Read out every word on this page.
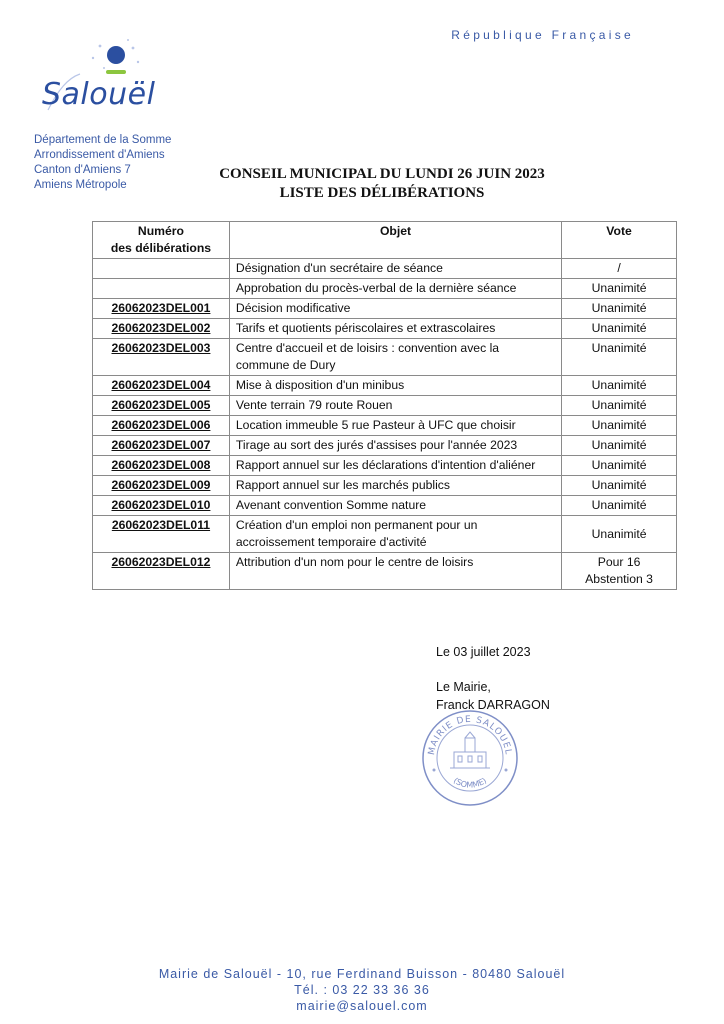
République Française
Salouël
Département de la Somme
Arrondissement d'Amiens
Canton d'Amiens 7
Amiens Métropole
CONSEIL MUNICIPAL DU LUNDI 26 JUIN 2023
LISTE DES DÉLIBÉRATIONS
Numéro
des délibérations	Objet	Vote
	Désignation d'un secrétaire de séance	/
	Approbation du procès-verbal de la dernière séance	Unanimité
26062023DEL001	Décision modificative	Unanimité
26062023DEL002	Tarifs et quotients périscolaires et extrascolaires	Unanimité
26062023DEL003	Centre d'accueil et de loisirs : convention avec la commune de Dury	Unanimité
26062023DEL004	Mise à disposition d'un minibus	Unanimité
26062023DEL005	Vente terrain 79 route Rouen	Unanimité
26062023DEL006	Location immeuble 5 rue Pasteur à UFC que choisir	Unanimité
26062023DEL007	Tirage au sort des jurés d'assises pour l'année 2023	Unanimité
26062023DEL008	Rapport annuel sur les déclarations d'intention d'aliéner	Unanimité
26062023DEL009	Rapport annuel sur les marchés publics	Unanimité
26062023DEL010	Avenant convention Somme nature	Unanimité
26062023DEL011	Création d'un emploi non permanent pour un accroissement temporaire d'activité	Unanimité
26062023DEL012	Attribution d'un nom pour le centre de loisirs	Pour 16
Abstention 3
Le 03 juillet 2023
Le Mairie,
Franck DARRAGON
MAIRIE DE SALOUEL
(SOMME)
Mairie de Salouël - 10, rue Ferdinand Buisson - 80480 Salouël
Tél. : 03 22 33 36 36
mairie@salouel.com
